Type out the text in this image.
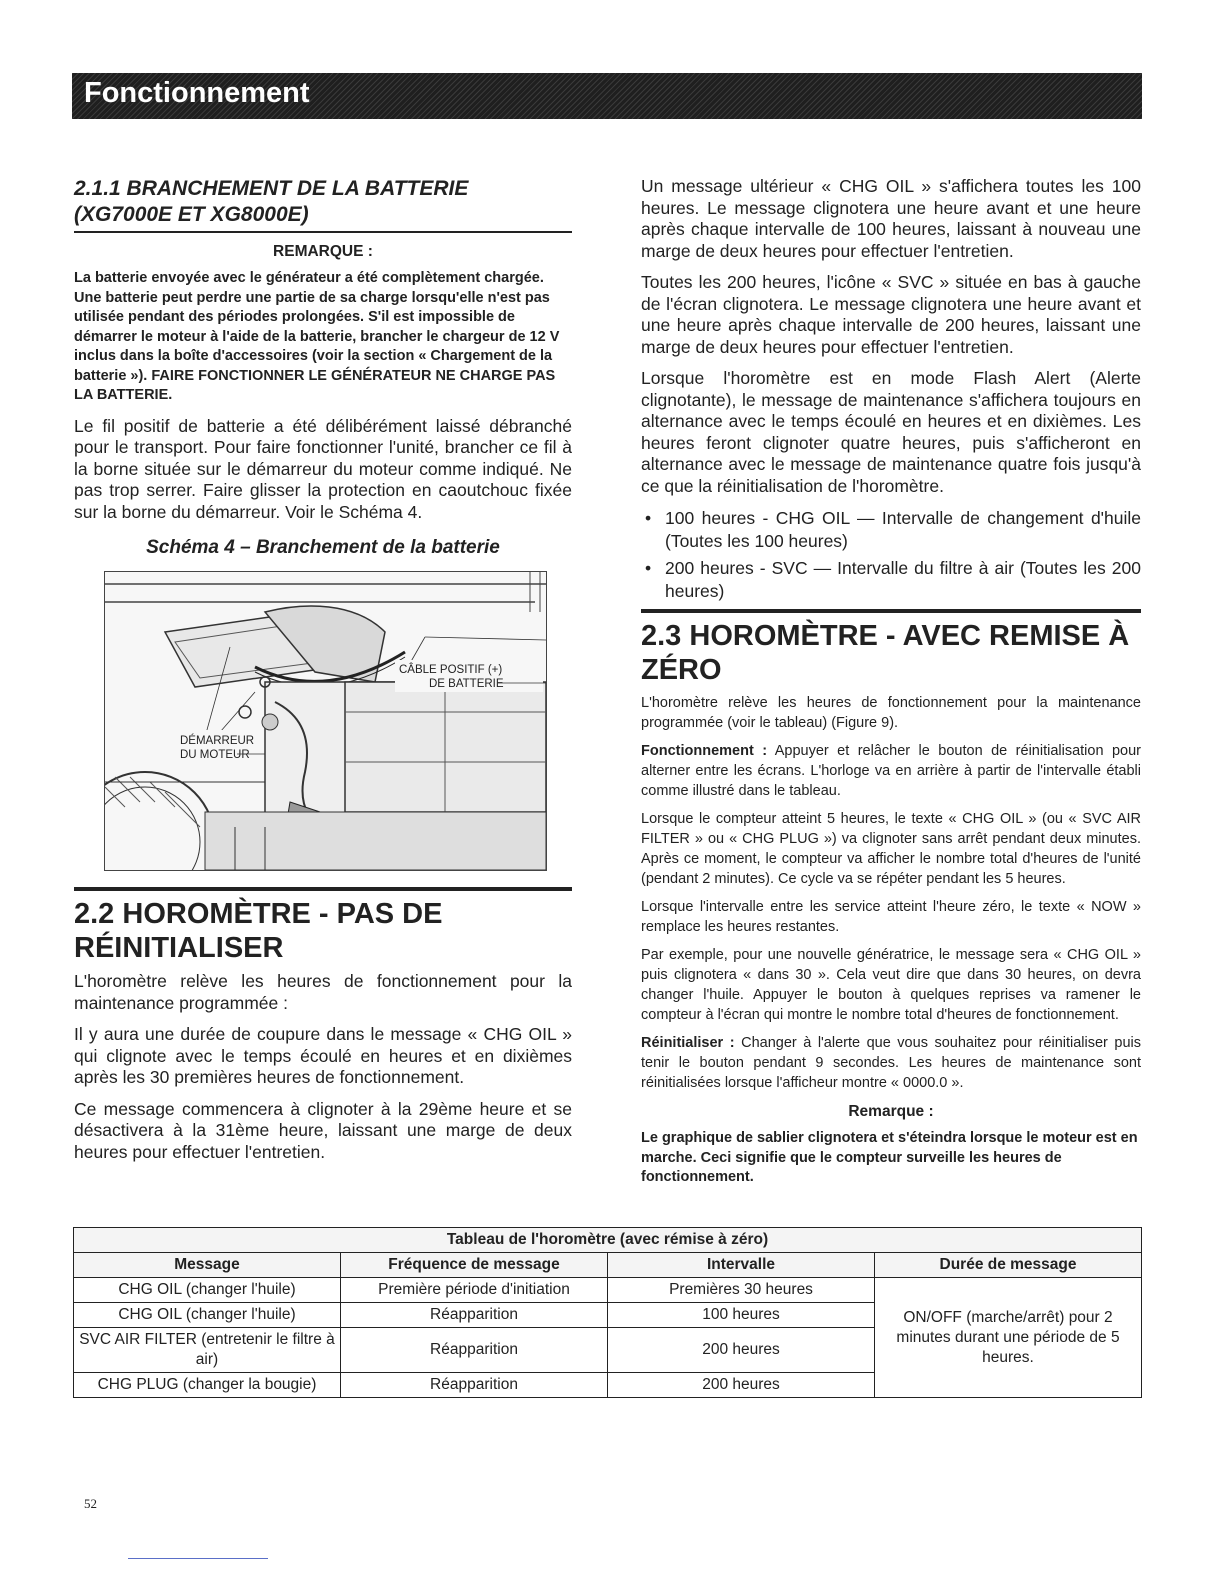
Fonctionnement
2.1.1 BRANCHEMENT DE LA BATTERIE (XG7000E ET XG8000E)
REMARQUE :

La batterie envoyée avec le générateur a été complètement chargée. Une batterie peut perdre une partie de sa charge lorsqu'elle n'est pas utilisée pendant des périodes prolongées. S'il est impossible de démarrer le moteur à l'aide de la batterie, brancher le chargeur de 12 V inclus dans la boîte d'accessoires (voir la section « Chargement de la batterie »). FAIRE FONCTIONNER LE GÉNÉRATEUR NE CHARGE PAS LA BATTERIE.

Le fil positif de batterie a été délibérément laissé débranché pour le transport. Pour faire fonctionner l'unité, brancher ce fil à la borne située sur le démarreur du moteur comme indiqué. Ne pas trop serrer. Faire glisser la protection en caoutchouc fixée sur la borne du démarreur. Voir le Schéma 4.

Schéma 4 – Branchement de la batterie
CÂBLE POSITIF (+)
DE BATTERIE
DÉMARREUR
DU MOTEUR
2.2 HOROMÈTRE - PAS DE RÉINITIALISER

L'horomètre relève les heures de fonctionnement pour la maintenance programmée :

Il y aura une durée de coupure dans le message « CHG OIL » qui clignote avec le temps écoulé en heures et en dixièmes après les 30 premières heures de fonctionnement.

Ce message commencera à clignoter à la 29ème heure et se désactivera à la 31ème heure, laissant une marge de deux heures pour effectuer l'entretien.

Un message ultérieur « CHG OIL » s'affichera toutes les 100 heures. Le message clignotera une heure avant et une heure après chaque intervalle de 100 heures, laissant à nouveau une marge de deux heures pour effectuer l'entretien.

Toutes les 200 heures, l'icône « SVC » située en bas à gauche de l'écran clignotera. Le message clignotera une heure avant et une heure après chaque intervalle de 200 heures, laissant une marge de deux heures pour effectuer l'entretien.

Lorsque l'horomètre est en mode Flash Alert (Alerte clignotante), le message de maintenance s'affichera toujours en alternance avec le temps écoulé en heures et en dixièmes. Les heures feront clignoter quatre heures, puis s'afficheront en alternance avec le message de maintenance quatre fois jusqu'à ce que la réinitialisation de l'horomètre.

• 100 heures - CHG OIL — Intervalle de changement d'huile (Toutes les 100 heures)
• 200 heures - SVC — Intervalle du filtre à air (Toutes les 200 heures)
2.3 HOROMÈTRE - AVEC REMISE À ZÉRO

L'horomètre relève les heures de fonctionnement pour la maintenance programmée (voir le tableau) (Figure 9).

Fonctionnement : Appuyer et relâcher le bouton de réinitialisation pour alterner entre les écrans. L'horloge va en arrière à partir de l'intervalle établi comme illustré dans le tableau.

Lorsque le compteur atteint 5 heures, le texte « CHG OIL » (ou « SVC AIR FILTER » ou « CHG PLUG ») va clignoter sans arrêt pendant deux minutes. Après ce moment, le compteur va afficher le nombre total d'heures de l'unité (pendant 2 minutes). Ce cycle va se répéter pendant les 5 heures.

Lorsque l'intervalle entre les service atteint l'heure zéro, le texte « NOW » remplace les heures restantes.

Par exemple, pour une nouvelle génératrice, le message sera « CHG OIL » puis clignotera « dans 30 ». Cela veut dire que dans 30 heures, on devra changer l'huile. Appuyer le bouton à quelques reprises va ramener le compteur à l'écran qui montre le nombre total d'heures de fonctionnement.

Réinitialiser : Changer à l'alerte que vous souhaitez pour réinitialiser puis tenir le bouton pendant 9 secondes. Les heures de maintenance sont réinitialisées lorsque l'afficheur montre « 0000.0 ».

Remarque :

Le graphique de sablier clignotera et s'éteindra lorsque le moteur est en marche. Ceci signifie que le compteur surveille les heures de fonctionnement.

Tableau de l'horomètre (avec rémise à zéro)			
Message	Fréquence de message	Intervalle	Durée de message
CHG OIL (changer l'huile)	Première période d'initiation	Premières 30 heures	ON/OFF (marche/arrêt) pour 2 minutes durant une période de 5 heures.
CHG OIL (changer l'huile)	Réapparition	100 heures	
SVC AIR FILTER (entretenir le filtre à air)	Réapparition	200 heures	
CHG PLUG (changer la bougie)	Réapparition	200 heures	
52
